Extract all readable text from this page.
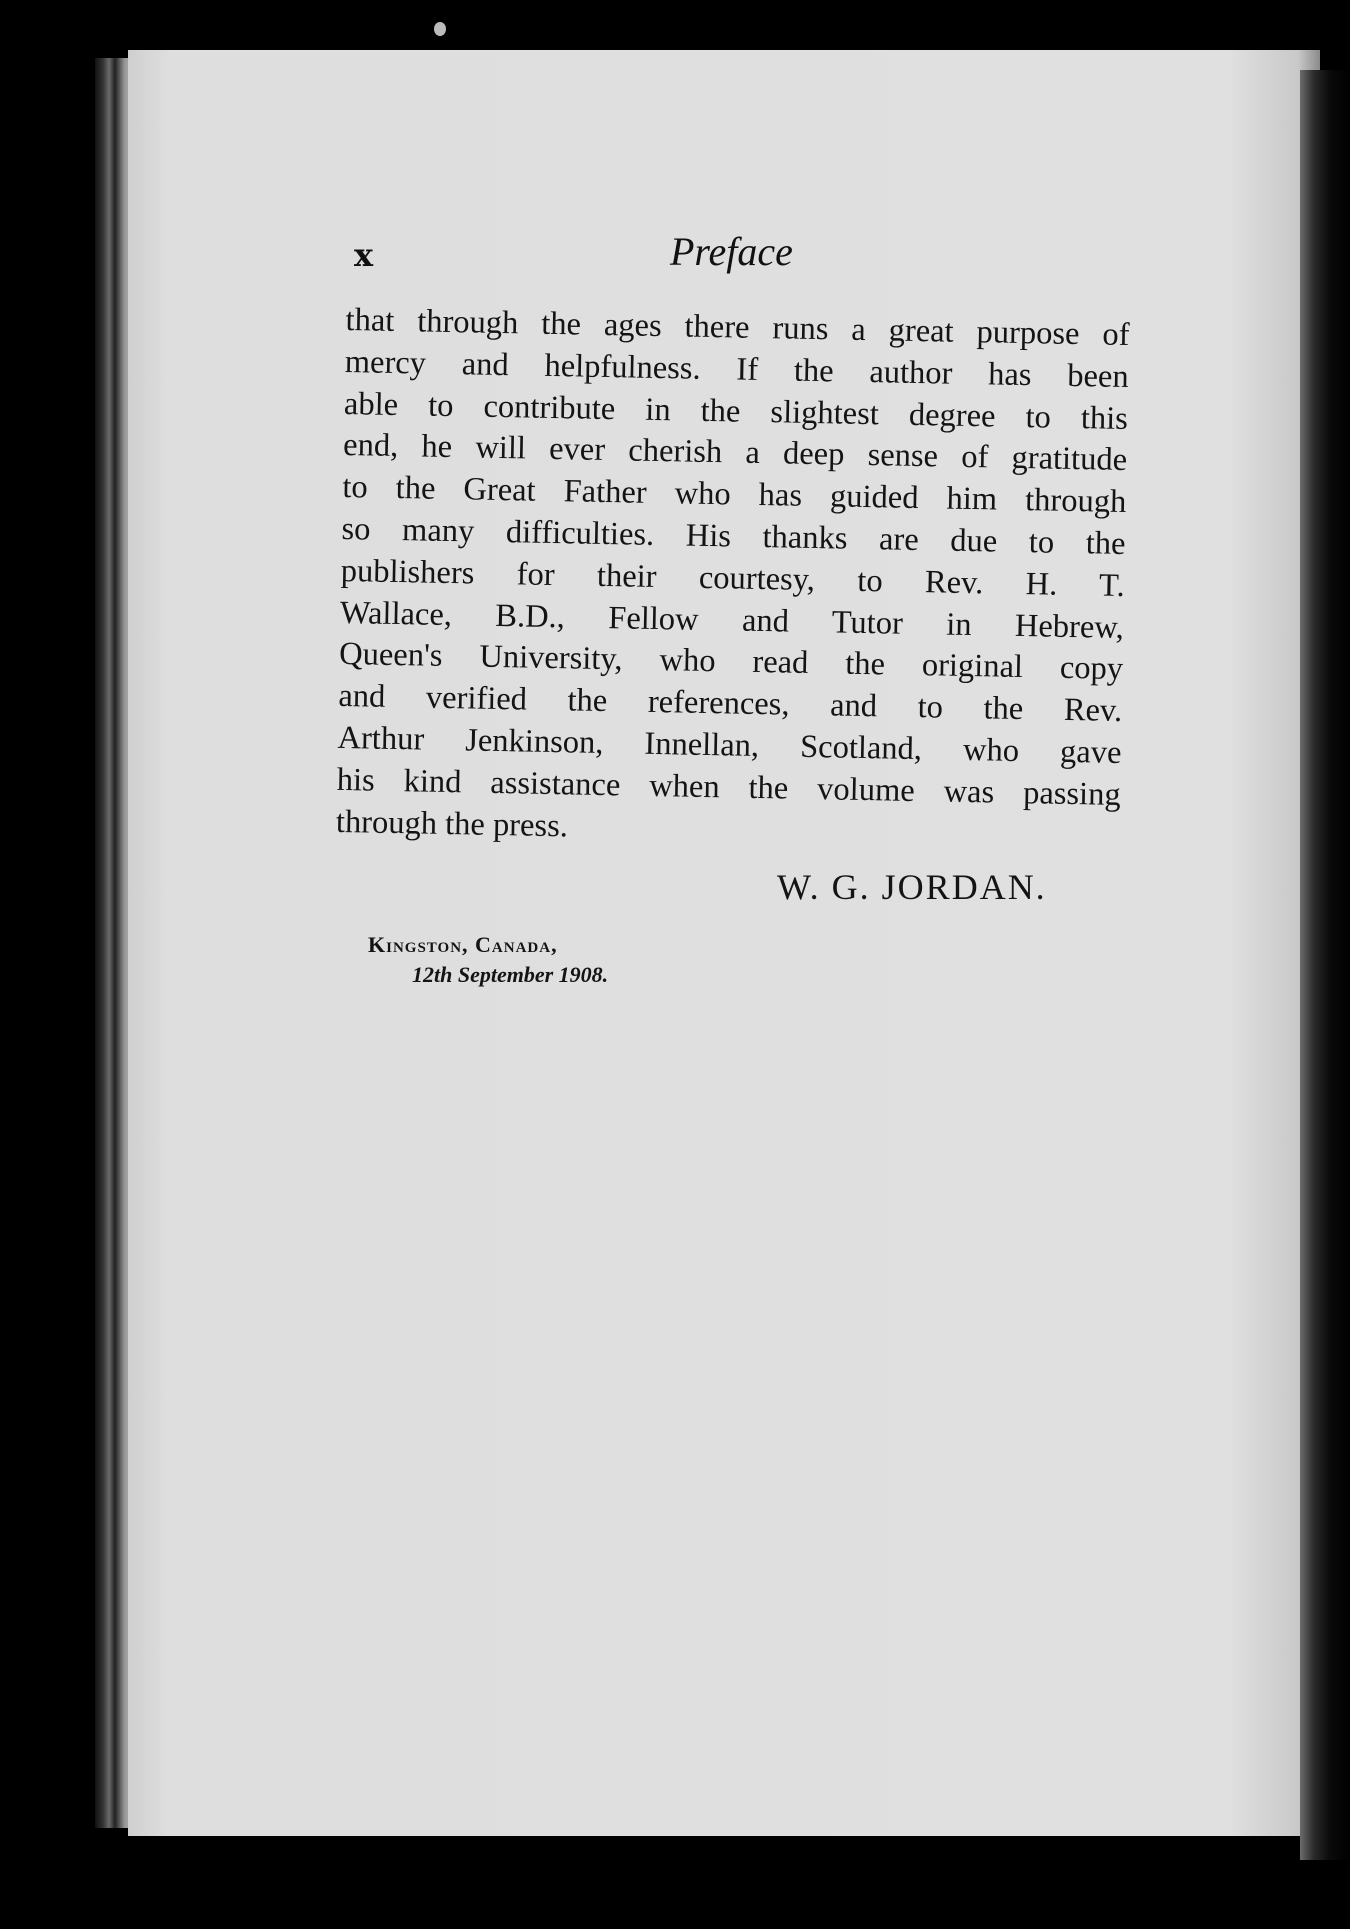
x	Preface
that through the ages there runs a great purpose of
mercy and helpfulness. If the author has been
able to contribute in the slightest degree to this
end, he will ever cherish a deep sense of gratitude
to the Great Father who has guided him through
so many difficulties. His thanks are due to the
publishers for their courtesy, to Rev. H. T.
Wallace, B.D., Fellow and Tutor in Hebrew,
Queen's University, who read the original copy
and verified the references, and to the Rev.
Arthur Jenkinson, Innellan, Scotland, who gave
his kind assistance when the volume was passing
through the press.
W. G. JORDAN.
Kingston, Canada,
12th September 1908.
